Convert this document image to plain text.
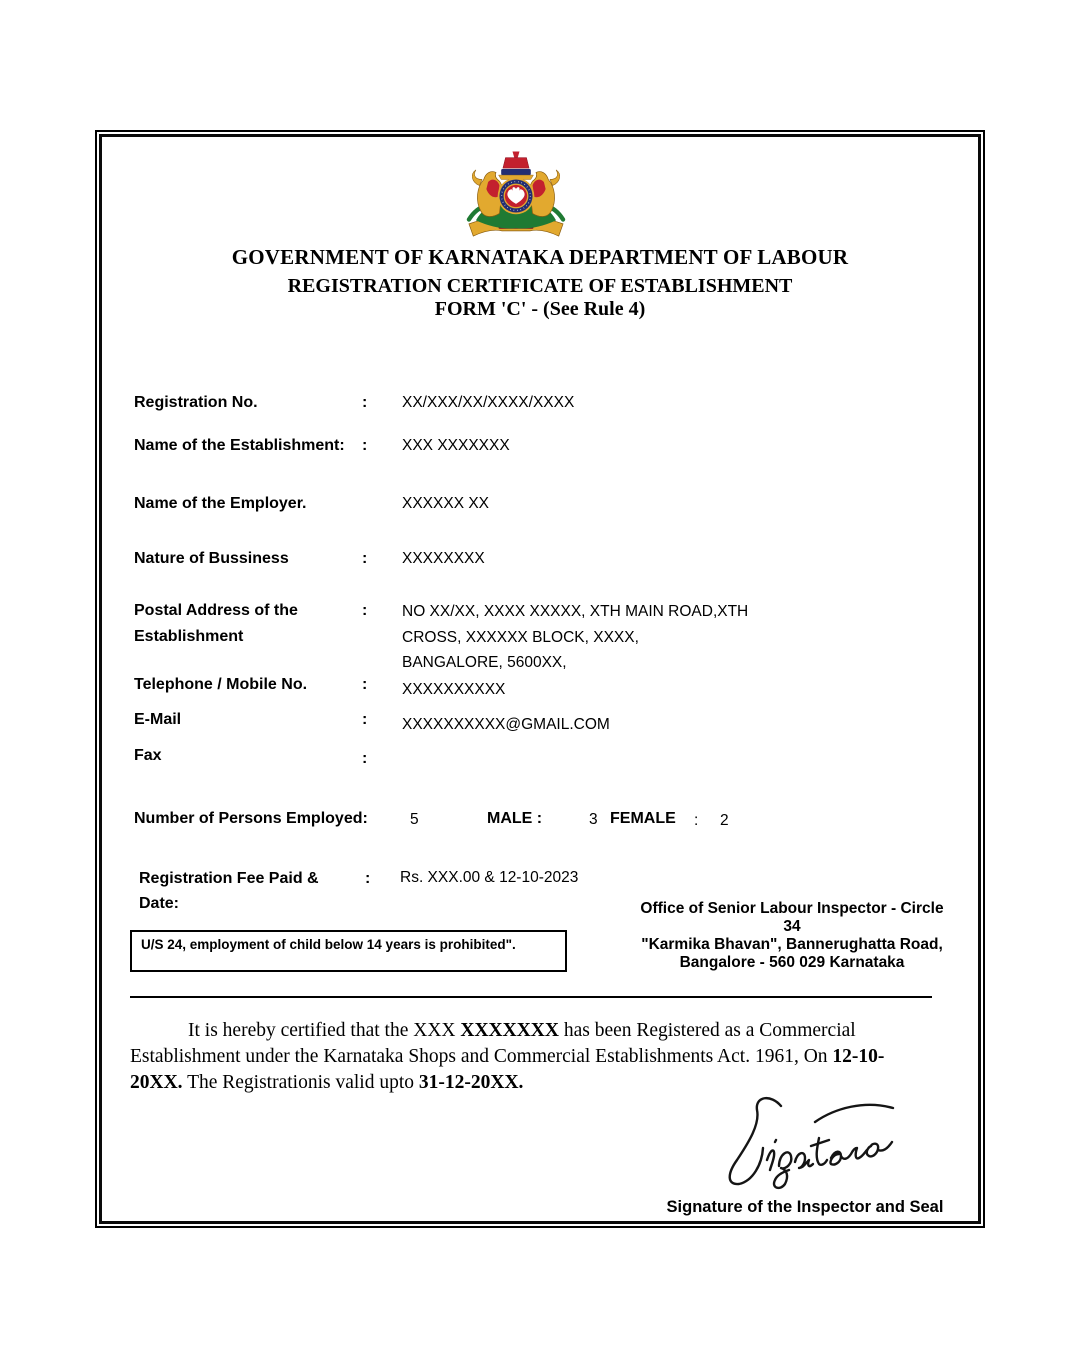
GOVERNMENT OF KARNATAKA DEPARTMENT OF LABOUR
REGISTRATION CERTIFICATE OF ESTABLISHMENT
FORM 'C' - (See Rule 4)
Registration No.	: XX/XXX/XX/XXXX/XXXX
Name of the Establishment: : XXX XXXXXXX
Name of the Employer.	XXXXXX XX
Nature of Bussiness	: XXXXXXXX
Postal Address of the
Establishment
: NO XX/XX, XXXX XXXXX, XTH MAIN ROAD,XTH
CROSS, XXXXXX BLOCK, XXXX,
BANGALORE, 5600XX,
Telephone / Mobile No.	: XXXXXXXXXX
E-Mail	: XXXXXXXXXX@GMAIL.COM
Fax	:
Number of Persons Employed:	5	MALE :	3 FEMALE : 2
Registration Fee Paid &
Date:
: Rs. XXX.00 & 12-10-2023
Office of Senior Labour Inspector - Circle
34
"Karmika Bhavan", Bannerughatta Road,
Bangalore - 560 029 Karnataka
U/S 24, employment of child below 14 years is prohibited".

It is hereby certified that the XXX XXXXXXX has been Registered as a Commercial Establishment under the Karnataka Shops and Commercial Establishments Act. 1961, On 12-10-20XX. The Registrationis valid upto 31-12-20XX.

Signature of the Inspector and Seal
